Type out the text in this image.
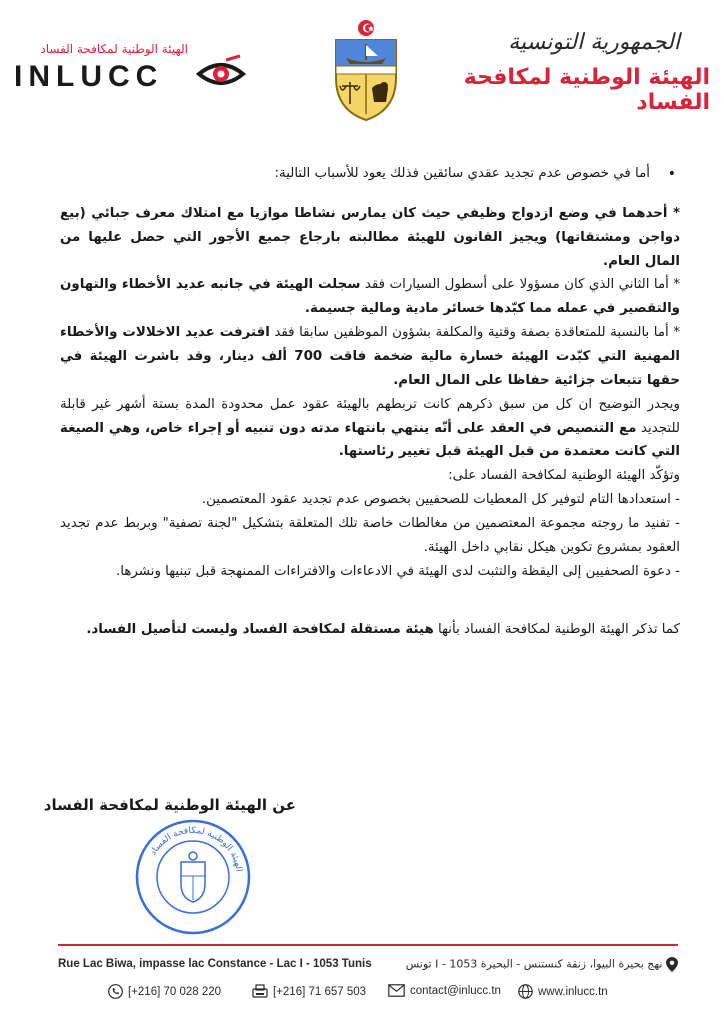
الهيئة الوطنية لمكافحة الفساد
INLUCC
الجمهورية التونسية
الهيئة الوطنية لمكافحة الفساد

• أما في خصوص عدم تجديد عقدي سائقين فذلك يعود للأسباب التالية:

* أحدهما في وضع ازدواج وظيفي حيث كان يمارس نشاطا موازيا مع امتلاك معرف جبائي (بيع دواجن ومشتقاتها) ويجيز القانون للهيئة مطالبته بارجاع جميع الأجور التي حصل عليها من المال العام.

* أما الثاني الذي كان مسؤولا على أسطول السيارات فقد سجلت الهيئة في جانبه عديد الأخطاء والتهاون والتقصير في عمله مما كبّدها خسائر مادية ومالية جسيمة.

* أما بالنسبة للمتعاقدة بصفة وقتية والمكلفة بشؤون الموظفين سابقا فقد اقترفت عديد الاخلالات والأخطاء المهنية التي كبّدت الهيئة خسارة مالية ضخمة فاقت 700 ألف دينار، وقد باشرت الهيئة في حقها تتبعات جزائية حفاظا على المال العام.

ويجدر التوضيح ان كل من سبق ذكرهم كانت تربطهم بالهيئة عقود عمل محدودة المدة بستة أشهر غير قابلة للتجديد مع التنصيص في العقد على أنّه ينتهي بانتهاء مدته دون تنبيه أو إجراء خاص، وهي الصيغة التي كانت معتمدة من قبل الهيئة قبل تغيير رئاستها.

وتؤكّد الهيئة الوطنية لمكافحة الفساد على:

- استعدادها التام لتوفير كل المعطيات للصحفيين بخصوص عدم تجديد عقود المعتصمين.

- تفنيد ما روجته مجموعة المعتصمين من مغالطات خاصة تلك المتعلقة بتشكيل "لجنة تصفية" وبربط عدم تجديد العقود بمشروع تكوين هيكل نقابي داخل الهيئة.

- دعوة الصحفيين إلى اليقظة والتثبت لدى الهيئة في الادعاءات والافتراءات الممنهجة قبل تبنيها ونشرها.

كما تذكر الهيئة الوطنية لمكافحة الفساد بأنها هيئة مستقلة لمكافحة الفساد وليست لتأصيل الفساد.

عن الهيئة الوطنية لمكافحة الفساد
الهيئة الوطنية لمكافحة الفساد
Rue Lac Biwa, impasse lac Constance - Lac I - 1053 Tunis	نهج بحيرة البيوا، زنقة كنستنس - البحيرة I - 1053 تونس
[+216] 70 028 220	[+216] 71 657 503	contact@inlucc.tn	www.inlucc.tn
